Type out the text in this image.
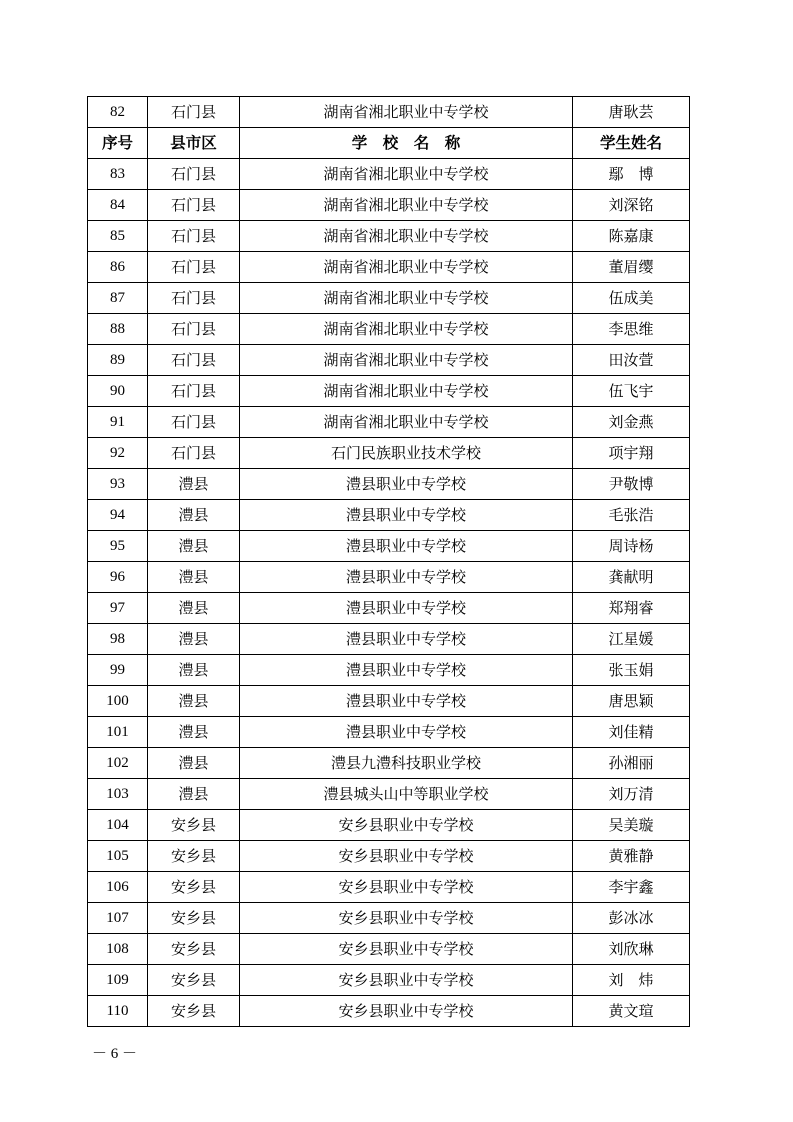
82	石门县	湖南省湘北职业中专学校	唐耿芸
序号	县市区	学　校　名　称	学生姓名
83	石门县	湖南省湘北职业中专学校	鄢　博
84	石门县	湖南省湘北职业中专学校	刘深铭
85	石门县	湖南省湘北职业中专学校	陈嘉康
86	石门县	湖南省湘北职业中专学校	董眉缨
87	石门县	湖南省湘北职业中专学校	伍成美
88	石门县	湖南省湘北职业中专学校	李思维
89	石门县	湖南省湘北职业中专学校	田汝萱
90	石门县	湖南省湘北职业中专学校	伍飞宇
91	石门县	湖南省湘北职业中专学校	刘金燕
92	石门县	石门民族职业技术学校	项宇翔
93	澧县	澧县职业中专学校	尹敬博
94	澧县	澧县职业中专学校	毛张浩
95	澧县	澧县职业中专学校	周诗杨
96	澧县	澧县职业中专学校	龚献明
97	澧县	澧县职业中专学校	郑翔睿
98	澧县	澧县职业中专学校	江星媛
99	澧县	澧县职业中专学校	张玉娟
100	澧县	澧县职业中专学校	唐思颖
101	澧县	澧县职业中专学校	刘佳精
102	澧县	澧县九澧科技职业学校	孙湘丽
103	澧县	澧县城头山中等职业学校	刘万清
104	安乡县	安乡县职业中专学校	吴美璇
105	安乡县	安乡县职业中专学校	黄雅静
106	安乡县	安乡县职业中专学校	李宇鑫
107	安乡县	安乡县职业中专学校	彭冰冰
108	安乡县	安乡县职业中专学校	刘欣琳
109	安乡县	安乡县职业中专学校	刘　炜
110	安乡县	安乡县职业中专学校	黄文瑄
－ 6 －
